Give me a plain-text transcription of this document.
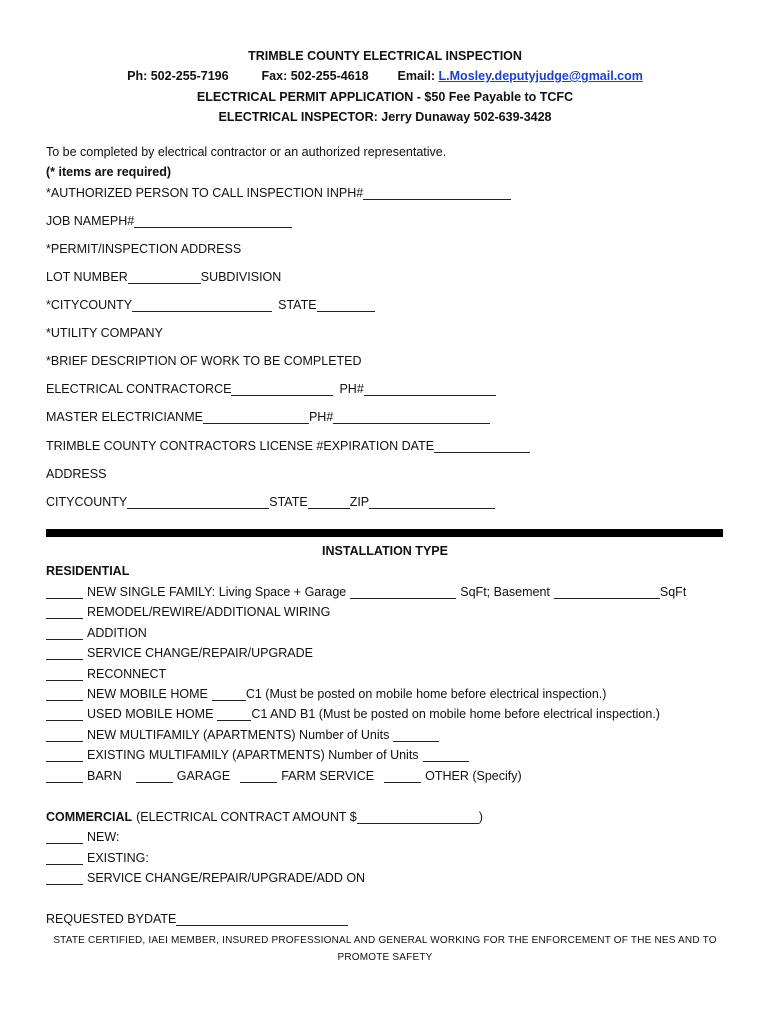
TRIMBLE COUNTY ELECTRICAL INSPECTION
Ph: 502-255-7196	Fax: 502-255-4618 Email: L.Mosley.deputyjudge@gmail.com
ELECTRICAL PERMIT APPLICATION - $50 Fee Payable to TCFC
ELECTRICAL INSPECTOR: Jerry Dunaway 502-639-3428
To be completed by electrical contractor or an authorized representative.
(* items are required)
*AUTHORIZED PERSON TO CALL INSPECTION IN PH#
JOB NAME PH#
*PERMIT/INSPECTION ADDRESS
LOT NUMBER	SUBDIVISION
*CITY COUNTY	STATE
*UTILITY COMPANY
*BRIEF DESCRIPTION OF WORK TO BE COMPLETED
ELECTRICAL CONTRACTOR CE	PH#
MASTER ELECTRICIAN ME	PH#
TRIMBLE COUNTY CONTRACTORS LICENSE # EXPIRATION DATE
ADDRESS
CITY COUNTY	STATE	ZIP
INSTALLATION TYPE
RESIDENTIAL
NEW SINGLE FAMILY: Living Space + Garage	SqFt; Basement	SqFt
REMODEL/REWIRE/ADDITIONAL WIRING
ADDITION
SERVICE CHANGE/REPAIR/UPGRADE
RECONNECT
NEW MOBILE HOME	C1 (Must be posted on mobile home before electrical inspection.)
USED MOBILE HOME	C1 AND B1 (Must be posted on mobile home before electrical inspection.)
NEW MULTIFAMILY (APARTMENTS) Number of Units
EXISTING MULTIFAMILY (APARTMENTS) Number of Units
BARN	GARAGE	FARM SERVICE	OTHER (Specify)
COMMERCIAL (ELECTRICAL CONTRACT AMOUNT $	)
NEW:
EXISTING:
SERVICE CHANGE/REPAIR/UPGRADE/ADD ON
REQUESTED BY DATE
STATE CERTIFIED, IAEI MEMBER, INSURED PROFESSIONAL AND GENERAL WORKING FOR THE ENFORCEMENT OF THE NES AND TO
PROMOTE SAFETY
